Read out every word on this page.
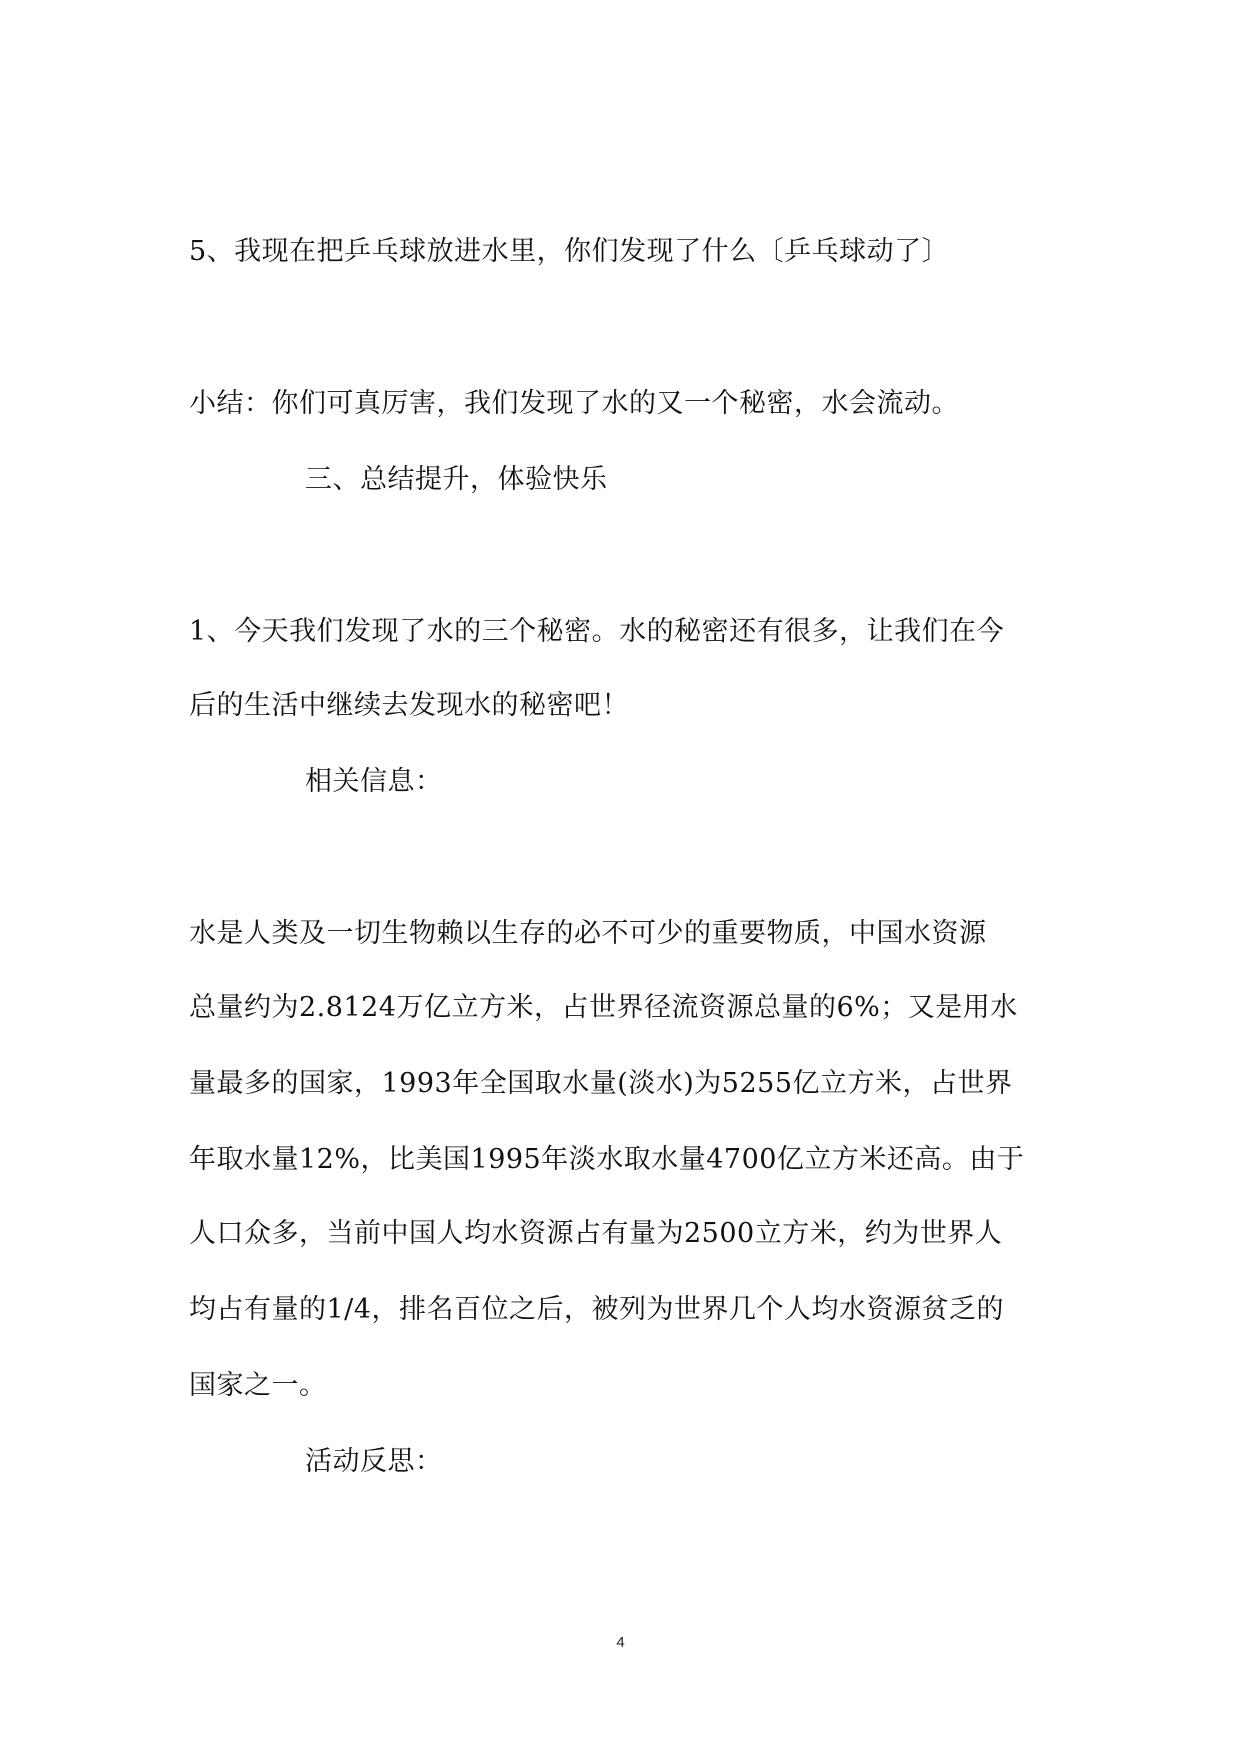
5、我现在把乒乓球放进水里，你们发现了什么〔乒乓球动了〕
小结：你们可真厉害，我们发现了水的又一个秘密，水会流动。
三、总结提升，体验快乐
1、今天我们发现了水的三个秘密。水的秘密还有很多，让我们在今
后的生活中继续去发现水的秘密吧！
相关信息：
水是人类及一切生物赖以生存的必不可少的重要物质，中国水资源
总量约为2.8124万亿立方米，占世界径流资源总量的6%；又是用水
量最多的国家，1993年全国取水量(淡水)为5255亿立方米，占世界
年取水量12%，比美国1995年淡水取水量4700亿立方米还高。由于
人口众多，当前中国人均水资源占有量为2500立方米，约为世界人
均占有量的1/4，排名百位之后，被列为世界几个人均水资源贫乏的
国家之一。
活动反思：
4
